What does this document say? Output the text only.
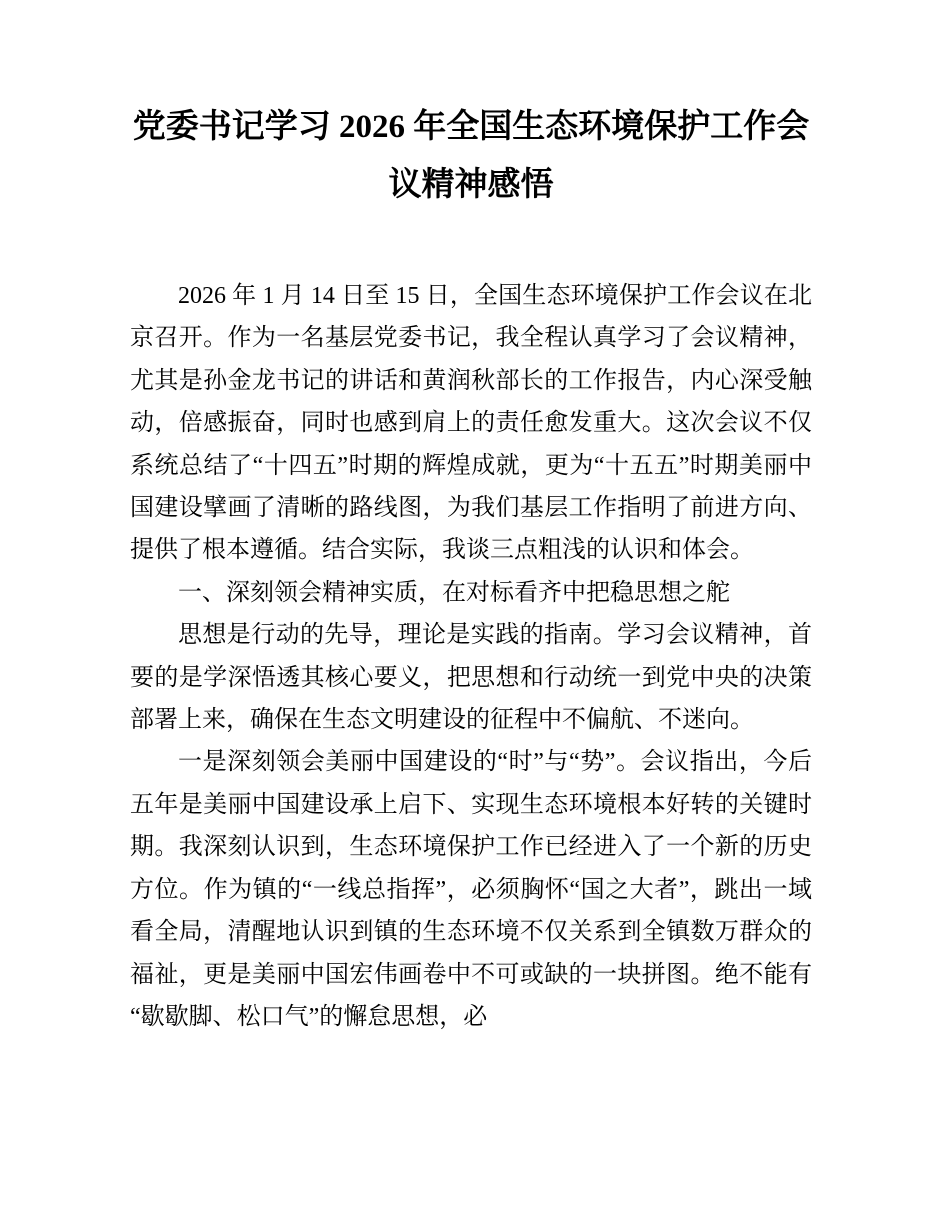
党委书记学习 2026 年全国生态环境保护工作会议精神感悟

2026 年 1 月 14 日至 15 日，全国生态环境保护工作会议在北京召开。作为一名基层党委书记，我全程认真学习了会议精神，尤其是孙金龙书记的讲话和黄润秋部长的工作报告，内心深受触动，倍感振奋，同时也感到肩上的责任愈发重大。这次会议不仅系统总结了“十四五”时期的辉煌成就，更为“十五五”时期美丽中国建设擘画了清晰的路线图，为我们基层工作指明了前进方向、提供了根本遵循。结合实际，我谈三点粗浅的认识和体会。

一、深刻领会精神实质，在对标看齐中把稳思想之舵

思想是行动的先导，理论是实践的指南。学习会议精神，首要的是学深悟透其核心要义，把思想和行动统一到党中央的决策部署上来，确保在生态文明建设的征程中不偏航、不迷向。

一是深刻领会美丽中国建设的“时”与“势”。会议指出，今后五年是美丽中国建设承上启下、实现生态环境根本好转的关键时期。我深刻认识到，生态环境保护工作已经进入了一个新的历史方位。作为镇的“一线总指挥”，必须胸怀“国之大者”，跳出一域看全局，清醒地认识到镇的生态环境不仅关系到全镇数万群众的福祉，更是美丽中国宏伟画卷中不可或缺的一块拼图。绝不能有“歇歇脚、松口气”的懈怠思想，必
